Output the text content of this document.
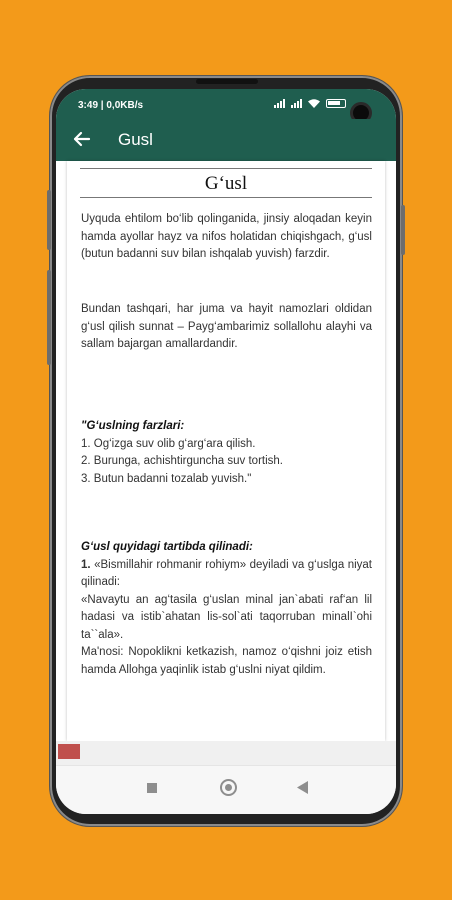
3:49 | 0,0KB/s
Gusl
G‘usl

Uyquda ehtilom bo‘lib qolinganida, jinsiy aloqadan keyin hamda ayollar hayz va nifos holatidan chiqishgach, g‘usl (butun badanni suv bilan ishqalab yuvish) farzdir.

Bundan tashqari, har juma va hayit namozlari oldidan g‘usl qilish sunnat – Payg‘ambarimiz sollallohu alayhi va sallam bajargan amallardandir.

"G‘uslning farzlari:
1. Og‘izga suv olib g‘arg‘ara qilish.
2. Burunga, achishtirguncha suv tortish.
3. Butun badanni tozalab yuvish."
G‘usl quyidagi tartibda qilinadi:
1. «Bismillahir rohmanir rohiym» deyiladi va g‘uslga niyat qilinadi:
«Navaytu an ag‘tasila g‘uslan minal jan`abati raf‘an lil hadasi va istib`ahatan lis-sol`ati taqorruban minalI`ohi ta``ala».
Ma'nosi: Nopoklikni ketkazish, namoz o‘qishni joiz etish hamda Allohga yaqinlik istab g‘uslni niyat qildim.
